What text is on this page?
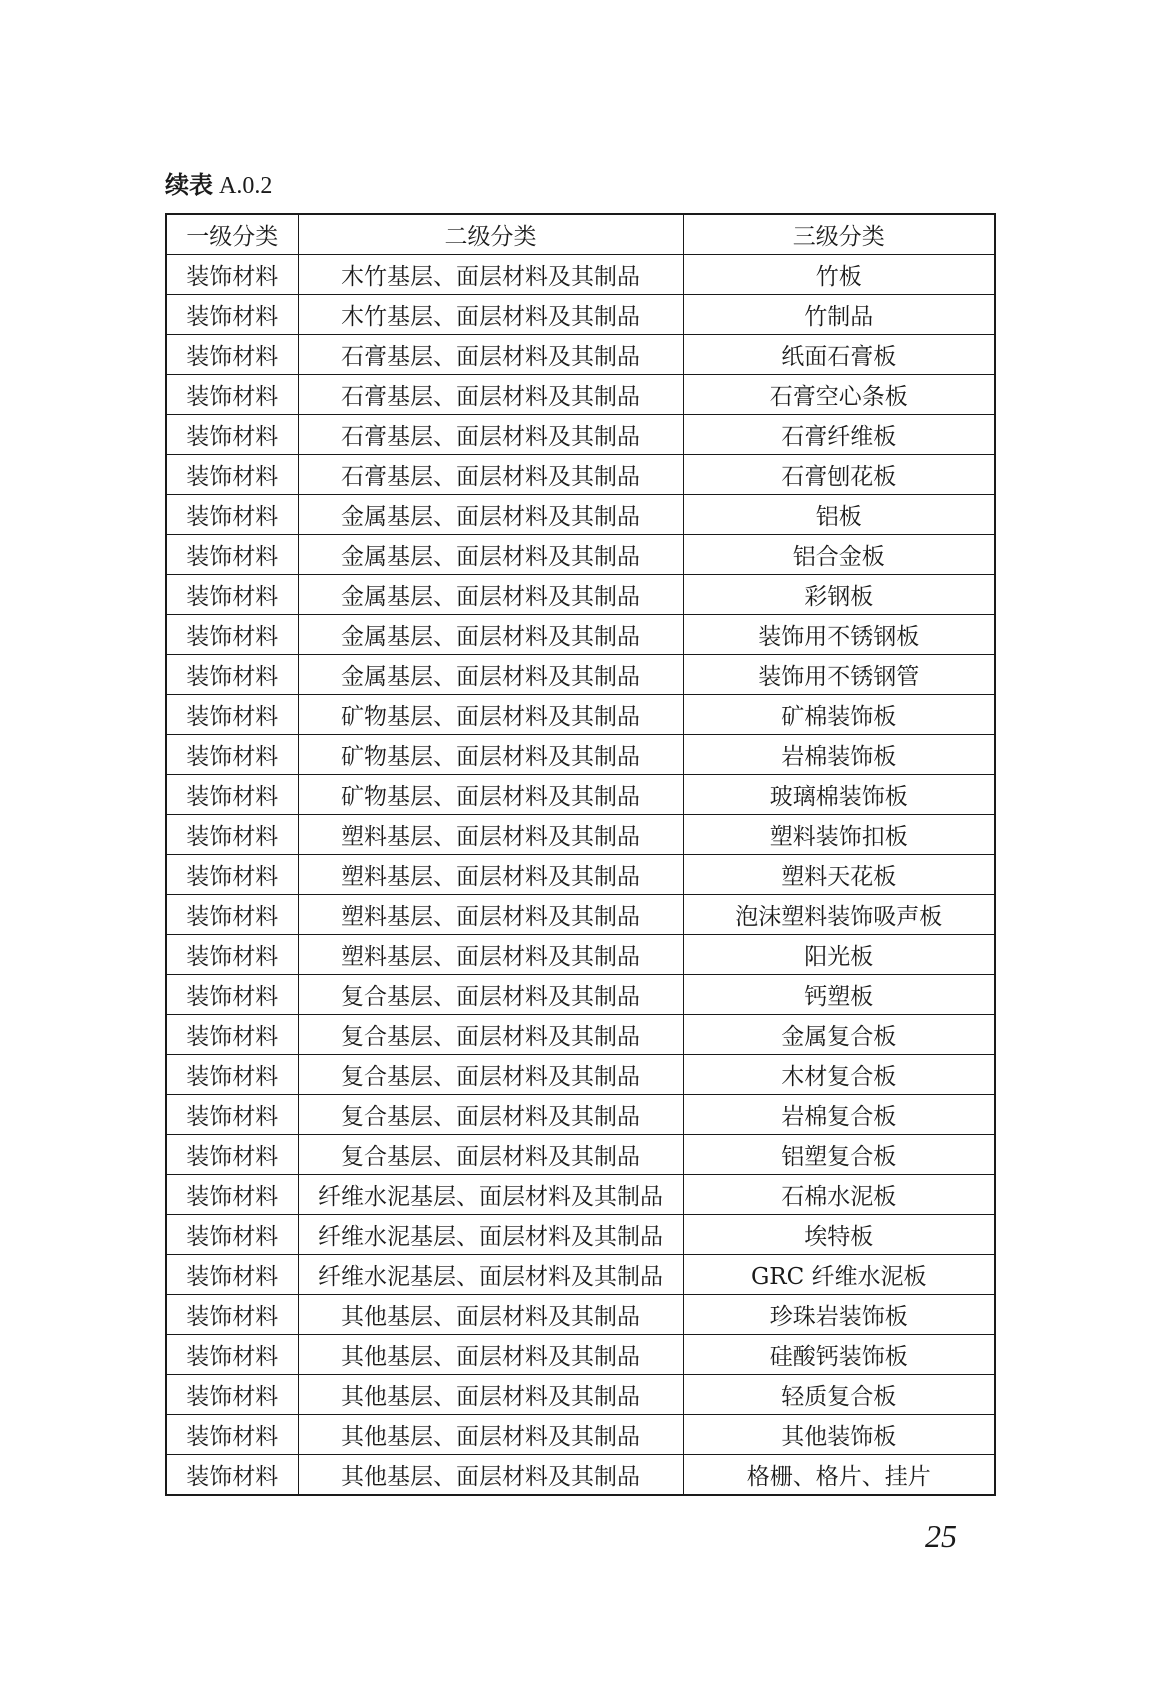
续表 A.0.2
一级分类	二级分类	三级分类
装饰材料	木竹基层、面层材料及其制品	竹板
装饰材料	木竹基层、面层材料及其制品	竹制品
装饰材料	石膏基层、面层材料及其制品	纸面石膏板
装饰材料	石膏基层、面层材料及其制品	石膏空心条板
装饰材料	石膏基层、面层材料及其制品	石膏纤维板
装饰材料	石膏基层、面层材料及其制品	石膏刨花板
装饰材料	金属基层、面层材料及其制品	铝板
装饰材料	金属基层、面层材料及其制品	铝合金板
装饰材料	金属基层、面层材料及其制品	彩钢板
装饰材料	金属基层、面层材料及其制品	装饰用不锈钢板
装饰材料	金属基层、面层材料及其制品	装饰用不锈钢管
装饰材料	矿物基层、面层材料及其制品	矿棉装饰板
装饰材料	矿物基层、面层材料及其制品	岩棉装饰板
装饰材料	矿物基层、面层材料及其制品	玻璃棉装饰板
装饰材料	塑料基层、面层材料及其制品	塑料装饰扣板
装饰材料	塑料基层、面层材料及其制品	塑料天花板
装饰材料	塑料基层、面层材料及其制品	泡沫塑料装饰吸声板
装饰材料	塑料基层、面层材料及其制品	阳光板
装饰材料	复合基层、面层材料及其制品	钙塑板
装饰材料	复合基层、面层材料及其制品	金属复合板
装饰材料	复合基层、面层材料及其制品	木材复合板
装饰材料	复合基层、面层材料及其制品	岩棉复合板
装饰材料	复合基层、面层材料及其制品	铝塑复合板
装饰材料	纤维水泥基层、面层材料及其制品	石棉水泥板
装饰材料	纤维水泥基层、面层材料及其制品	埃特板
装饰材料	纤维水泥基层、面层材料及其制品	GRC 纤维水泥板
装饰材料	其他基层、面层材料及其制品	珍珠岩装饰板
装饰材料	其他基层、面层材料及其制品	硅酸钙装饰板
装饰材料	其他基层、面层材料及其制品	轻质复合板
装饰材料	其他基层、面层材料及其制品	其他装饰板
装饰材料	其他基层、面层材料及其制品	格栅、格片、挂片
25
